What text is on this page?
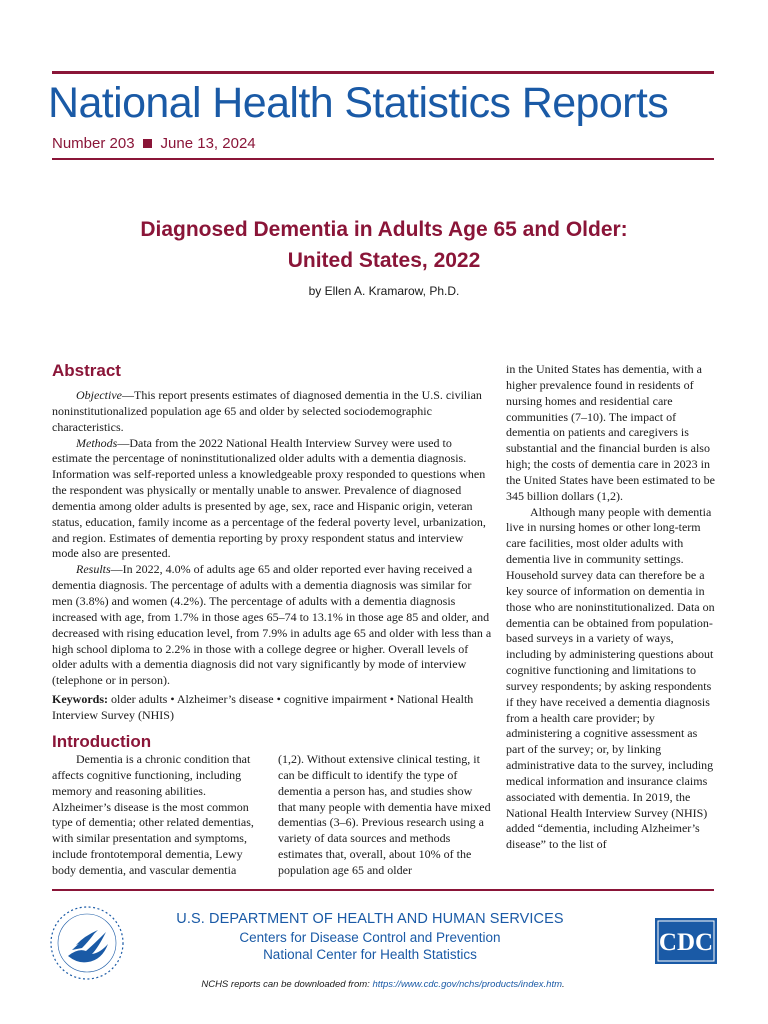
National Health Statistics Reports
Number 203 June 13, 2024
Diagnosed Dementia in Adults Age 65 and Older:
United States, 2022
by Ellen A. Kramarow, Ph.D.
Abstract

Objective—This report presents estimates of diagnosed dementia in the U.S. civilian noninstitutionalized population age 65 and older by selected sociodemographic characteristics.

Methods—Data from the 2022 National Health Interview Survey were used to estimate the percentage of noninstitutionalized older adults with a dementia diagnosis. Information was self-reported unless a knowledgeable proxy responded to questions when the respondent was physically or mentally unable to answer. Prevalence of diagnosed dementia among older adults is presented by age, sex, race and Hispanic origin, veteran status, education, family income as a percentage of the federal poverty level, urbanization, and region. Estimates of dementia reporting by proxy respondent status and interview mode also are presented.

Results—In 2022, 4.0% of adults age 65 and older reported ever having received a dementia diagnosis. The percentage of adults with a dementia diagnosis was similar for men (3.8%) and women (4.2%). The percentage of adults with a dementia diagnosis increased with age, from 1.7% in those ages 65–74 to 13.1% in those age 85 and older, and decreased with rising education level, from 7.9% in adults age 65 and older with less than a high school diploma to 2.2% in those with a college degree or higher. Overall levels of older adults with a dementia diagnosis did not vary significantly by mode of interview (telephone or in person).

Keywords: older adults • Alzheimer’s disease • cognitive impairment • National Health Interview Survey (NHIS)
Introduction

Dementia is a chronic condition that affects cognitive functioning, including memory and reasoning abilities. Alzheimer’s disease is the most common type of dementia; other related dementias, with similar presentation and symptoms, include frontotemporal dementia, Lewy body dementia, and vascular dementia

(1,2). Without extensive clinical testing, it can be difficult to identify the type of dementia a person has, and studies show that many people with dementia have mixed dementias (3–6). Previous research using a variety of data sources and methods estimates that, overall, about 10% of the population age 65 and older

in the United States has dementia, with a higher prevalence found in residents of nursing homes and residential care communities (7–10). The impact of dementia on patients and caregivers is substantial and the financial burden is also high; the costs of dementia care in 2023 in the United States have been estimated to be 345 billion dollars (1,2).

Although many people with dementia live in nursing homes or other long-term care facilities, most older adults with dementia live in community settings. Household survey data can therefore be a key source of information on dementia in those who are noninstitutionalized. Data on dementia can be obtained from population-based surveys in a variety of ways, including by administering questions about cognitive functioning and limitations to survey respondents; by asking respondents if they have received a dementia diagnosis from a health care provider; by administering a cognitive assessment as part of the survey; or, by linking administrative data to the survey, including medical information and insurance claims associated with dementia. In 2019, the National Health Interview Survey (NHIS) added “dementia, including Alzheimer’s disease” to the list of

U.S. DEPARTMENT OF HEALTH AND HUMAN SERVICES
Centers for Disease Control and Prevention
National Center for Health Statistics	CDC
NCHS reports can be downloaded from: https://www.cdc.gov/nchs/products/index.htm.
